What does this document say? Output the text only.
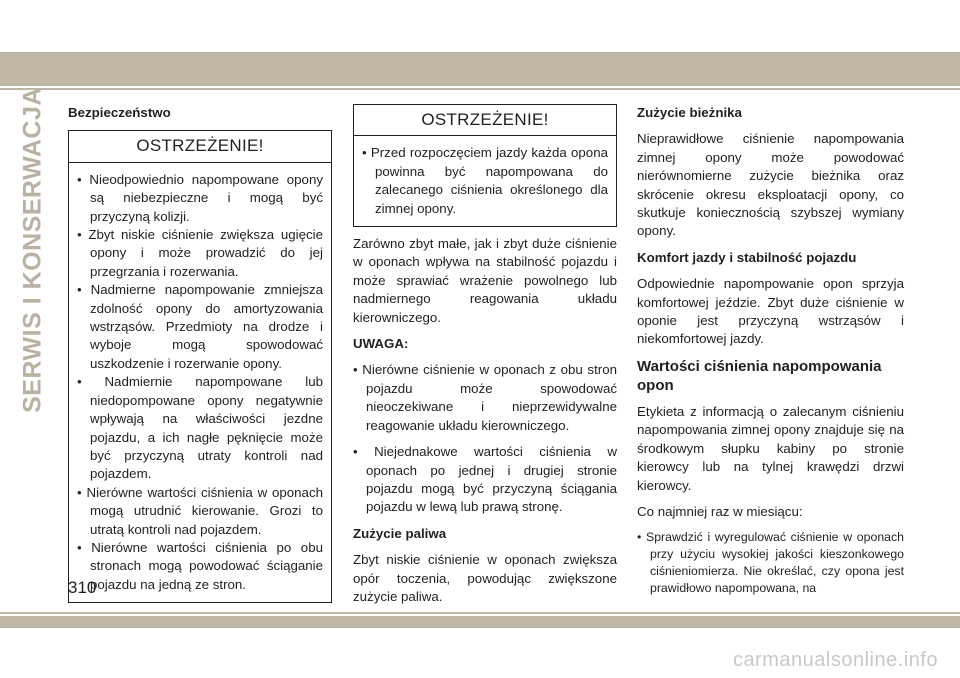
SERWIS I KONSERWACJA Bezpieczeństwo
OSTRZEŻENIE!
• Nieodpowiednio napompowane opony są niebezpieczne i mogą być przyczyną kolizji.
• Zbyt niskie ciśnienie zwiększa ugięcie opony i może prowadzić do jej przegrzania i rozerwania.
• Nadmierne napompowanie zmniejsza zdolność opony do amortyzowania wstrząsów. Przedmioty na drodze i wyboje mogą spowodować uszkodzenie i rozerwanie opony.
• Nadmiernie napompowane lub niedopompowane opony negatywnie wpływają na właściwości jezdne pojazdu, a ich nagłe pęknięcie może być przyczyną utraty kontroli nad pojazdem.
• Nierówne wartości ciśnienia w oponach mogą utrudnić kierowanie. Grozi to utratą kontroli nad pojazdem.
• Nierówne wartości ciśnienia po obu stronach mogą powodować ściąganie pojazdu na jedną ze stron.
OSTRZEŻENIE!
• Przed rozpoczęciem jazdy każda opona powinna być napompowana do zalecanego ciśnienia określonego dla zimnej opony.

Zarówno zbyt małe, jak i zbyt duże ciśnienie w oponach wpływa na stabilność pojazdu i może sprawiać wrażenie powolnego lub nadmiernego reagowania układu kierowniczego.

UWAGA:

• Nierówne ciśnienie w oponach z obu stron pojazdu może spowodować nieoczekiwane i nieprzewidywalne reagowanie układu kierowniczego.
• Niejednakowe wartości ciśnienia w oponach po jednej i drugiej stronie pojazdu mogą być przyczyną ściągania pojazdu w lewą lub prawą stronę.
Zużycie paliwa

Zbyt niskie ciśnienie w oponach zwiększa opór toczenia, powodując zwiększone zużycie paliwa.

Zużycie bieżnika

Nieprawidłowe ciśnienie napompowania zimnej opony może powodować nierównomierne zużycie bieżnika oraz skrócenie okresu eksploatacji opony, co skutkuje koniecznością szybszej wymiany opony.

Komfort jazdy i stabilność pojazdu

Odpowiednie napompowanie opon sprzyja komfortowej jeździe. Zbyt duże ciśnienie w oponie jest przyczyną wstrząsów i niekomfortowej jazdy.

Wartości ciśnienia napompowania opon

Etykieta z informacją o zalecanym ciśnieniu napompowania zimnej opony znajduje się na środkowym słupku kabiny po stronie kierowcy lub na tylnej krawędzi drzwi kierowcy.

Co najmniej raz w miesiącu:

• Sprawdzić i wyregulować ciśnienie w oponach przy użyciu wysokiej jakości kieszonkowego ciśnieniomierza. Nie określać, czy opona jest prawidłowo napompowana, na
310
carmanualsonline.info
